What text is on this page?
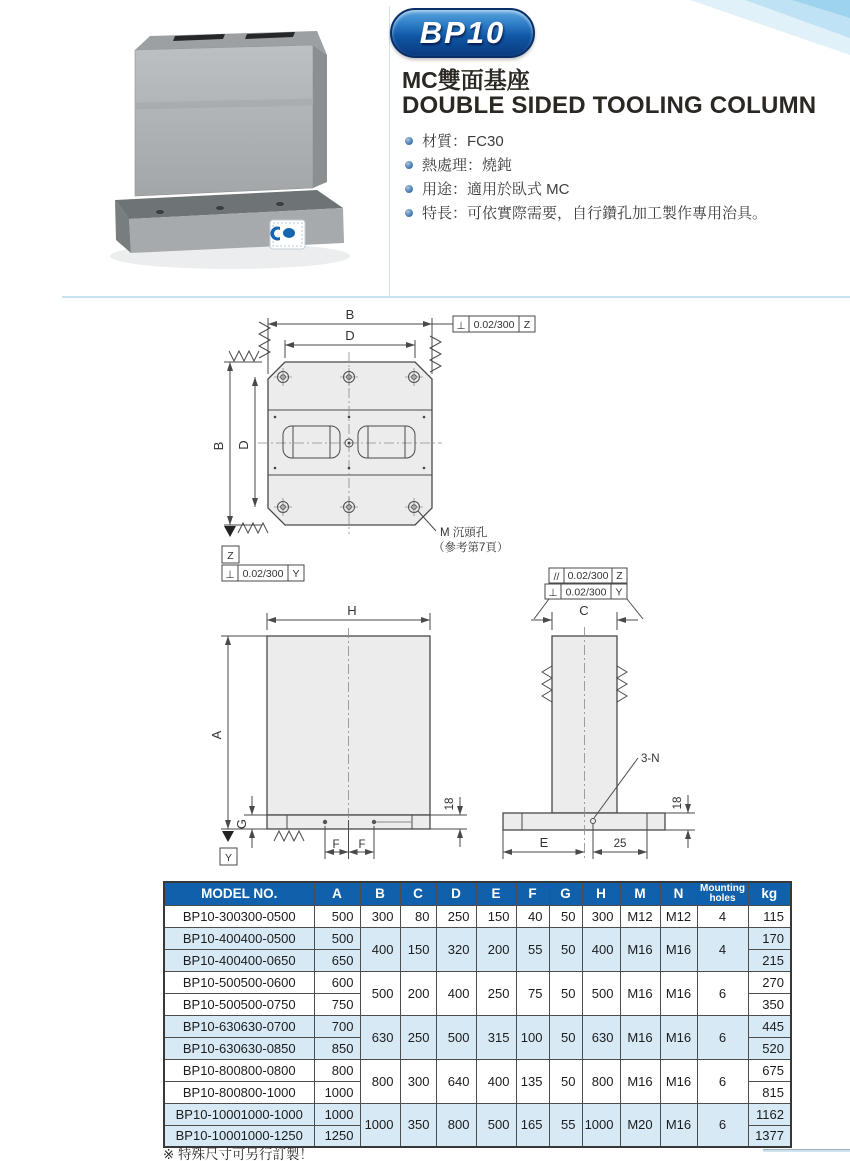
BP10
MC雙面基座
DOUBLE SIDED TOOLING COLUMN
材質：FC30
熱處理：燒鈍
用途：適用於臥式 MC
特長：可依實際需要，自行鑽孔加工製作專用治具。
B
⊥ 0.02/300 Z
D
B D
Z
⊥ 0.02/300 Y
M 沉頭孔
（參考第7頁）
H
A
Y
G
18
F F
// 0.02/300 Z
⊥ 0.02/300 Y
C
3-N
18
E	25
MODEL NO.	A	B	C	D	E	F	G	H	M	N	Mounting holes	kg
BP10-300300-0500	500	300	80	250	150	40	50	300	M12	M12	4	115
BP10-400400-0500	500	400	150	320	200	55	50	400	M16	M16	4	170
BP10-400400-0650	650											215
BP10-500500-0600	600	500	200	400	250	75	50	500	M16	M16	6	270
BP10-500500-0750	750											350
BP10-630630-0700	700	630	250	500	315	100	50	630	M16	M16	6	445
BP10-630630-0850	850											520
BP10-800800-0800	800	800	300	640	400	135	50	800	M16	M16	6	675
BP10-800800-1000	1000											815
BP10-10001000-1000	1000	1000	350	800	500	165	55	1000	M20	M16	6	1162
BP10-10001000-1250	1250											1377
※ 特殊尺寸可另行訂製！
